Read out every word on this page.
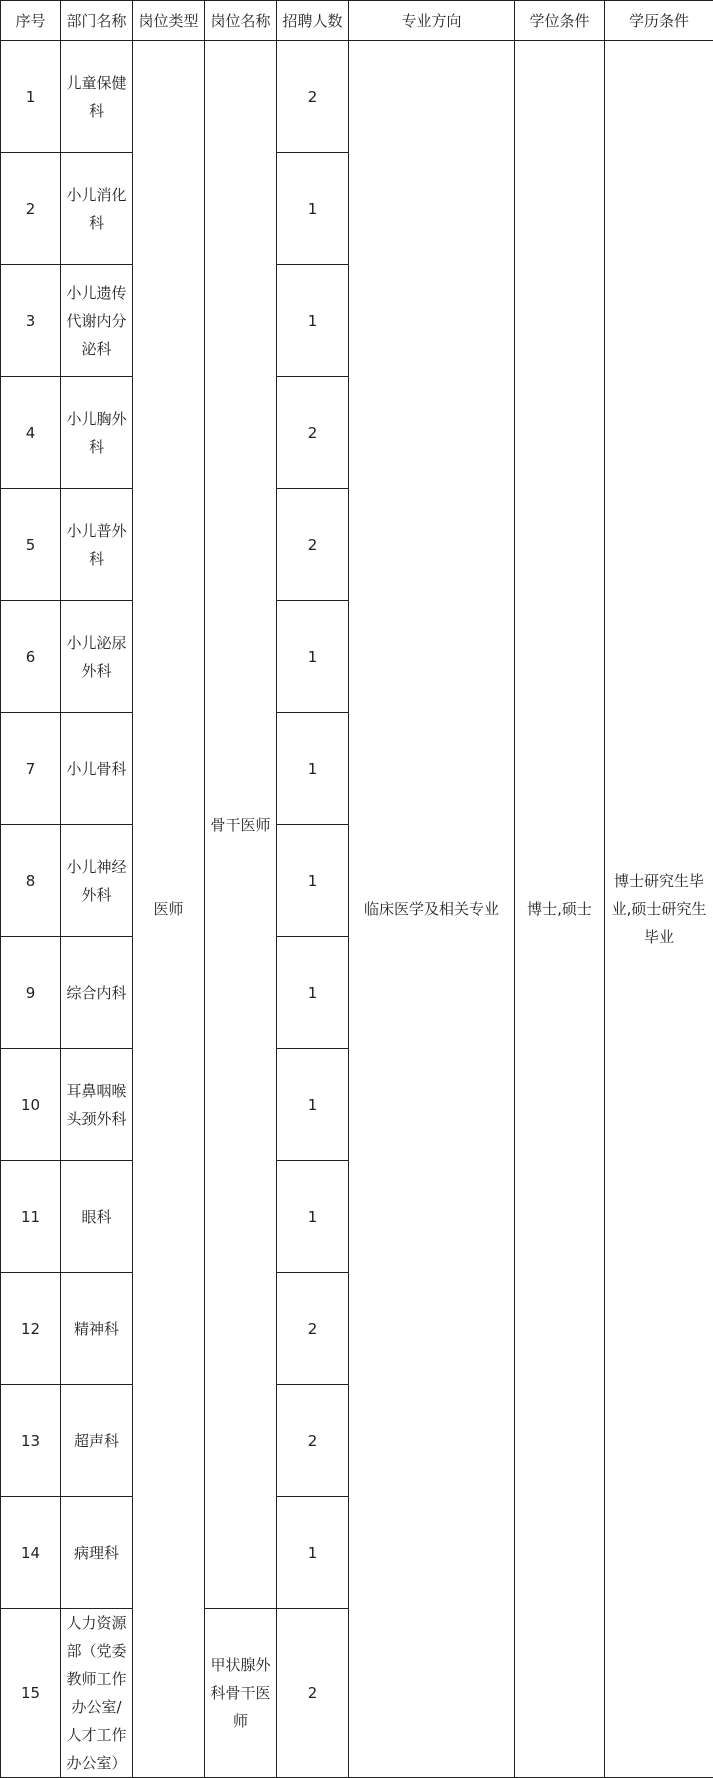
序号	部门名称	岗位类型	岗位名称	招聘人数	专业方向	学位条件	学历条件
1	儿童保健科	医师	骨干医师	2	临床医学及相关专业	博士,硕士	博士研究生毕业,硕士研究生毕业
2	小儿消化科			1			
3	小儿遗传代谢内分泌科			1			
4	小儿胸外科			2			
5	小儿普外科			2			
6	小儿泌尿外科			1			
7	小儿骨科			1			
8	小儿神经外科			1			
9	综合内科			1			
10	耳鼻咽喉头颈外科			1			
11	眼科			1			
12	精神科			2			
13	超声科			2			
14	病理科			1			
15	人力资源部（党委教师工作办公室/人才工作办公室）		甲状腺外科骨干医师	2			
